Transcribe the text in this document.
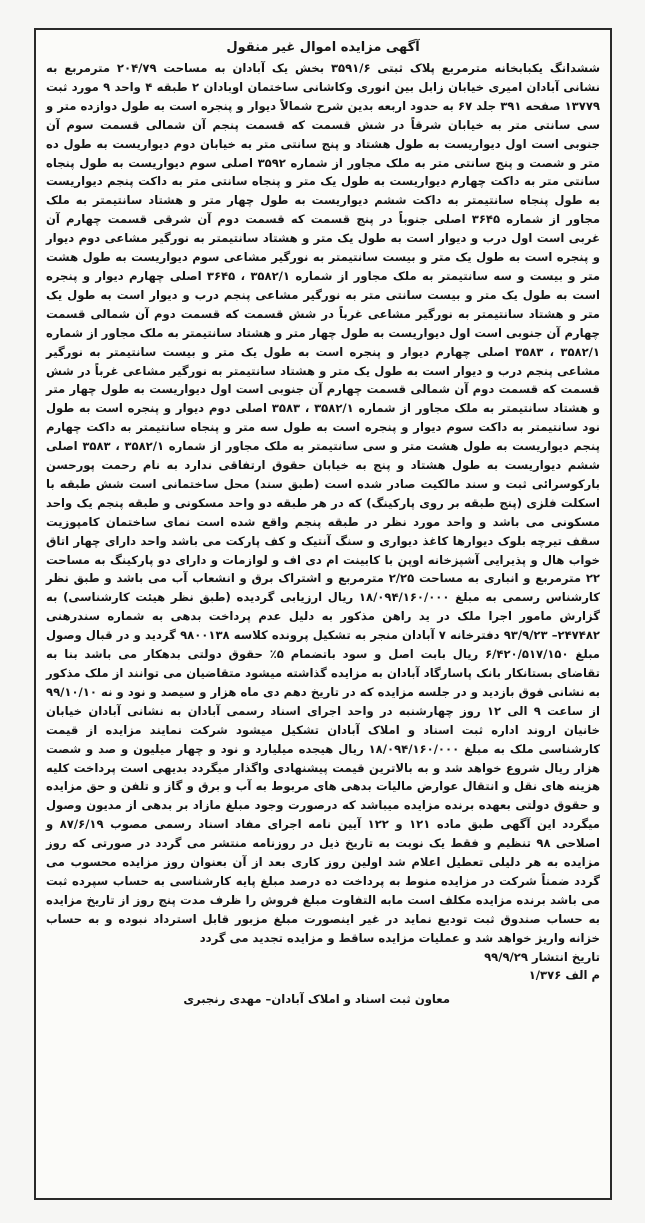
آگهی مزایده اموال غیر منقول

ششدانگ یکبابخانه مترمربع پلاک ثبتی ۳۵۹۱/۶ بخش یک آبادان به مساحت ۲۰۴/۷۹ مترمربع به نشانی آبادان امیری خیابان زابل بین انوری وکاشانی ساختمان اوبادان ۲ طبقه ۴ واحد ۹ مورد ثبت ۱۳۷۷۹ صفحه ۳۹۱ جلد ۶۷ به حدود اربعه بدین شرح شمالاً دیوار و پنجره است به طول دوازده متر و سی سانتی متر به خیابان شرقاً در شش قسمت که قسمت پنجم آن شمالی قسمت سوم آن جنوبی است اول دیواریست به طول هشتاد و پنج سانتی متر به خیابان دوم دیواریست به طول ده متر و شصت و پنج سانتی متر به ملک مجاور از شماره ۳۵۹۲ اصلی سوم دیواریست به طول پنجاه سانتی متر به داکت چهارم دیواریست به طول یک متر و پنجاه سانتی متر به داکت پنجم دیواریست به طول پنجاه سانتیمتر به داکت ششم دیواریست به طول چهار متر و هشتاد سانتیمتر به ملک مجاور از شماره ۳۶۴۵ اصلی جنوباً در پنج قسمت که قسمت دوم آن شرقی قسمت چهارم آن غربی است اول درب و دیوار است به طول یک متر و هشتاد سانتیمتر به نورگیر مشاعی دوم دیوار و پنجره است به طول یک متر و بیست سانتیمتر به نورگیر مشاعی سوم دیواریست به طول هشت متر و بیست و سه سانتیمتر به ملک مجاور از شماره ۳۵۸۲/۱ ، ۳۶۴۵ اصلی چهارم دیوار و پنجره است به طول یک متر و بیست سانتی متر به نورگیر مشاعی پنجم درب و دیوار است به طول یک متر و هشتاد سانتیمتر به نورگیر مشاعی غرباً در شش قسمت که قسمت دوم آن شمالی قسمت چهارم آن جنوبی است اول دیواریست به طول چهار متر و هشتاد سانتیمتر به ملک مجاور از شماره ۳۵۸۲/۱ ، ۳۵۸۳ اصلی چهارم دیوار و پنجره است به طول یک متر و بیست سانتیمتر به نورگیر مشاعی پنجم درب و دیوار است به طول یک متر و هشتاد سانتیمتر به نورگیر مشاعی غرباً در شش قسمت که قسمت دوم آن شمالی قسمت چهارم آن جنوبی است اول دیواریست به طول چهار متر و هشتاد سانتیمتر به ملک مجاور از شماره ۳۵۸۲/۱ ، ۳۵۸۳ اصلی دوم دیوار و پنجره است به طول نود سانتیمتر به داکت سوم دیوار و پنجره است به طول سه متر و پنجاه سانتیمتر به داکت چهارم پنجم دیواریست به طول هشت متر و سی سانتیمتر به ملک مجاور از شماره ۳۵۸۲/۱ ، ۳۵۸۳ اصلی ششم دیواریست به طول هشتاد و پنج به خیابان حقوق ارتفاقی ندارد به نام رحمت پورحسن بارکوسرائی ثبت و سند مالکیت صادر شده است (طبق سند) محل ساختمانی است شش طبقه با اسکلت فلزی (پنج طبقه بر روی پارکینگ) که در هر طبقه دو واحد مسکونی و طبقه پنجم یک واحد مسکونی می باشد و واحد مورد نظر در طبقه پنجم واقع شده است نمای ساختمان کامپوزیت سقف تیرچه بلوک دیوارها کاغذ دیواری و سنگ آنتیک و کف پارکت می باشد واحد دارای چهار اتاق خواب هال و پذیرایی آشپزخانه اوپن با کابینت ام دی اف و لوازمات و دارای دو پارکینگ به مساحت ۲۲ مترمربع و انباری به مساحت ۲/۲۵ مترمربع و اشتراک برق و انشعاب آب می باشد و طبق نظر کارشناس رسمی به مبلغ ۱۸/۰۹۴/۱۶۰/۰۰۰ ریال ارزیابی گردیده (طبق نظر هیئت کارشناسی) به گزارش مامور اجرا ملک در ید راهن مذکور به دلیل عدم پرداخت بدهی به شماره سندرهنی ۲۴۷۴۸۲– ۹۳/۹/۲۳ دفترخانه ۷ آبادان منجر به تشکیل پرونده کلاسه ۹۸۰۰۱۳۸ گردید و در قبال وصول مبلغ ۶/۴۲۰/۵۱۷/۱۵۰ ریال بابت اصل و سود باتضمام ۵٪ حقوق دولتی بدهکار می باشد بنا به تقاضای بستانکار بانک پاسارگاد آبادان به مزایده گذاشته میشود متقاضیان می توانند از ملک مذکور به نشانی فوق بازدید و در جلسه مزایده که در تاریخ دهم دی ماه هزار و سیصد و نود و نه ۹۹/۱۰/۱۰ از ساعت ۹ الی ۱۲ روز چهارشنبه در واحد اجرای اسناد رسمی آبادان به نشانی آبادان خیابان خانیان اروند اداره ثبت اسناد و املاک آبادان تشکیل میشود شرکت نمایند مزایده از قیمت کارشناسی ملک به مبلغ ۱۸/۰۹۴/۱۶۰/۰۰۰ ریال هیجده میلیارد و نود و چهار میلیون و صد و شصت هزار ریال شروع خواهد شد و به بالاترین قیمت پیشنهادی واگذار میگردد بدیهی است پرداخت کلیه هزینه های نقل و انتقال عوارض مالیات بدهی های مربوط به آب و برق و گاز و تلفن و حق مزایده و حقوق دولتی بعهده برنده مزایده میباشد که درصورت وجود مبلغ مازاد بر بدهی از مدیون وصول میگردد این آگهی طبق ماده ۱۲۱ و ۱۲۲ آیین نامه اجرای مفاد اسناد رسمی مصوب ۸۷/۶/۱۹ و اصلاحی ۹۸ تنظیم و فقط یک نوبت به تاریخ ذیل در روزنامه منتشر می گردد در صورتی که روز مزایده به هر دلیلی تعطیل اعلام شد اولین روز کاری بعد از آن بعنوان روز مزایده محسوب می گردد ضمناً شرکت در مزایده منوط به پرداخت ده درصد مبلغ پایه کارشناسی به حساب سپرده ثبت می باشد برنده مزایده مکلف است مابه التفاوت مبلغ فروش را ظرف مدت پنج روز از تاریخ مزایده به حساب صندوق ثبت تودیع نماید در غیر اینصورت مبلغ مزبور قابل استرداد نبوده و به حساب خزانه واریز خواهد شد و عملیات مزایده ساقط و مزایده تجدید می گردد

تاریخ انتشار ۹۹/۹/۲۹

م الف ۱/۳۷۶

معاون ثبت اسناد و املاک آبادان– مهدی رنجبری
